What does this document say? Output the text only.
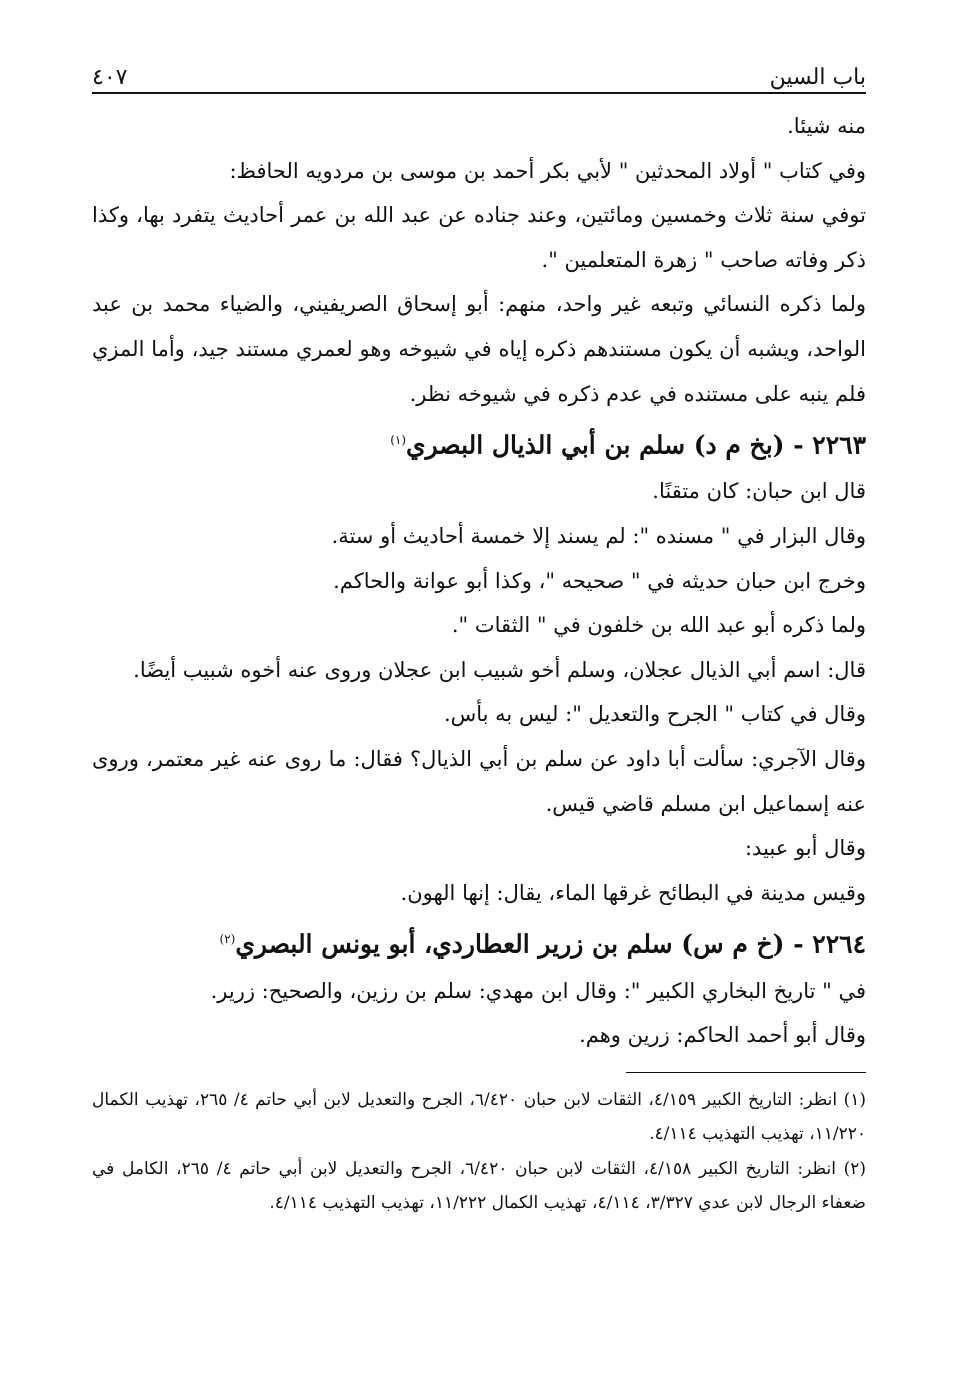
باب السين
٤٠٧

منه شيئا.

وفي كتاب " أولاد المحدثين " لأبي بكر أحمد بن موسى بن مردويه الحافظ:

توفي سنة ثلاث وخمسين ومائتين، وعند جناده عن عبد الله بن عمر أحاديث يتفرد بها، وكذا ذكر وفاته صاحب " زهرة المتعلمين ".

ولما ذكره النسائي وتبعه غير واحد، منهم: أبو إسحاق الصريفيني، والضياء محمد بن عبد الواحد، ويشبه أن يكون مستندهم ذكره إياه في شيوخه وهو لعمري مستند جيد، وأما المزي فلم ينبه على مستنده في عدم ذكره في شيوخه نظر.

٢٢٦٣ - (بخ م د) سلم بن أبي الذيال البصري$^{(١)}$

قال ابن حبان: كان متقنًا.

وقال البزار في " مسنده ": لم يسند إلا خمسة أحاديث أو ستة.

وخرج ابن حبان حديثه في " صحيحه "، وكذا أبو عوانة والحاكم.

ولما ذكره أبو عبد الله بن خلفون في " الثقات ".

قال: اسم أبي الذيال عجلان، وسلم أخو شبيب ابن عجلان وروى عنه أخوه شبيب أيضًا.

وقال في كتاب " الجرح والتعديل ": ليس به بأس.

وقال الآجري: سألت أبا داود عن سلم بن أبي الذيال؟ فقال: ما روى عنه غير معتمر، وروى عنه إسماعيل ابن مسلم قاضي قيس.

وقال أبو عبيد:

وقيس مدينة في البطائح غرقها الماء، يقال: إنها الهون.

٢٢٦٤ - (خ م س) سلم بن زرير العطاردي، أبو يونس البصري$^{(٢)}$

في " تاريخ البخاري الكبير ": وقال ابن مهدي: سلم بن رزين، والصحيح: زرير.

وقال أبو أحمد الحاكم: زرين وهم.

(١) انظر: التاريخ الكبير ٤/١٥٩، الثقات لابن حبان ٦/٤٢٠، الجرح والتعديل لابن أبي حاتم ٤/ ٢٦٥، تهذيب الكمال ١١/٢٢٠، تهذيب التهذيب ٤/١١٤.

(٢) انظر: التاريخ الكبير ٤/١٥٨، الثقات لابن حبان ٦/٤٢٠، الجرح والتعديل لابن أبي حاتم ٤/ ٢٦٥، الكامل في ضعفاء الرجال لابن عدي ٣/٣٢٧، ٤/١١٤، تهذيب الكمال ١١/٢٢٢، تهذيب التهذيب ٤/١١٤.
